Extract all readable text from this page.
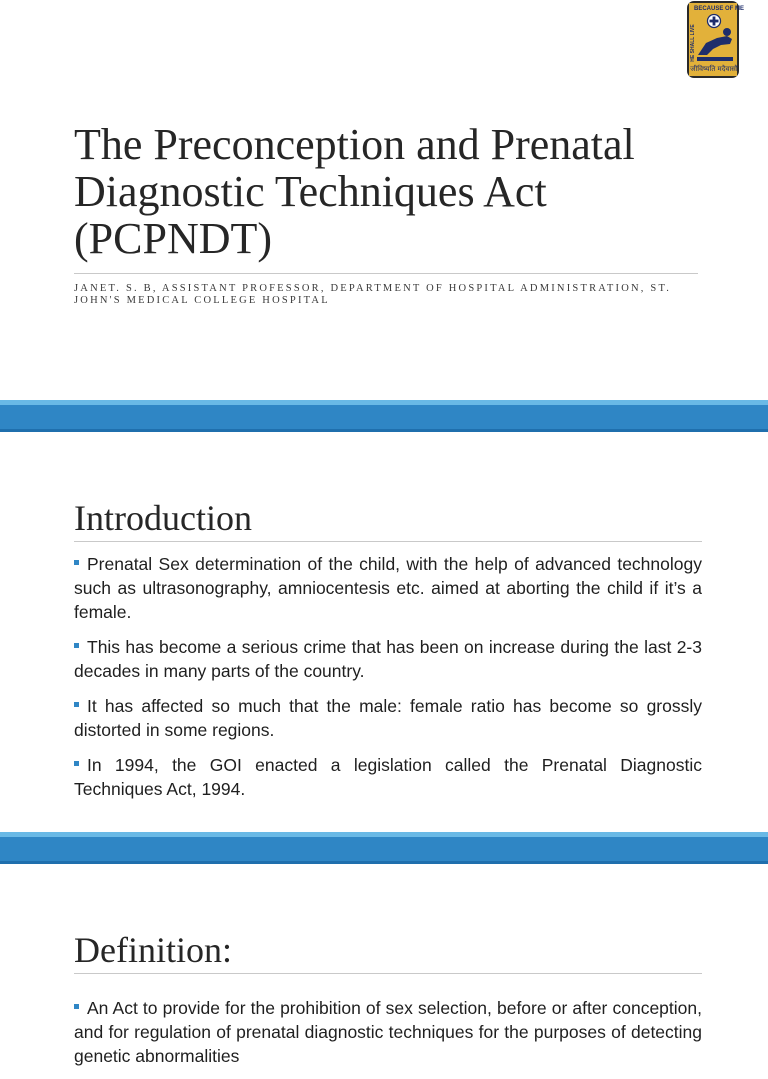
BECAUSE OF ME
HE SHALL LIVE
जीविष्यति मदैवासौ
The Preconception and Prenatal Diagnostic Techniques Act (PCPNDT)

JANET. S. B, ASSISTANT PROFESSOR, DEPARTMENT OF HOSPITAL ADMINISTRATION, ST. JOHN'S MEDICAL COLLEGE HOSPITAL

Introduction
Prenatal Sex determination of the child, with the help of advanced technology such as ultrasonography, amniocentesis etc. aimed at aborting the child if it’s a female.
This has become a serious crime that has been on increase during the last 2-3 decades in many parts of the country.
It has affected so much that the male: female ratio has become so grossly distorted in some regions.
In 1994, the GOI enacted a legislation called the Prenatal Diagnostic Techniques Act, 1994.
Definition:
An Act to provide for the prohibition of sex selection, before or after conception, and for regulation of prenatal diagnostic techniques for the purposes of detecting genetic abnormalities
